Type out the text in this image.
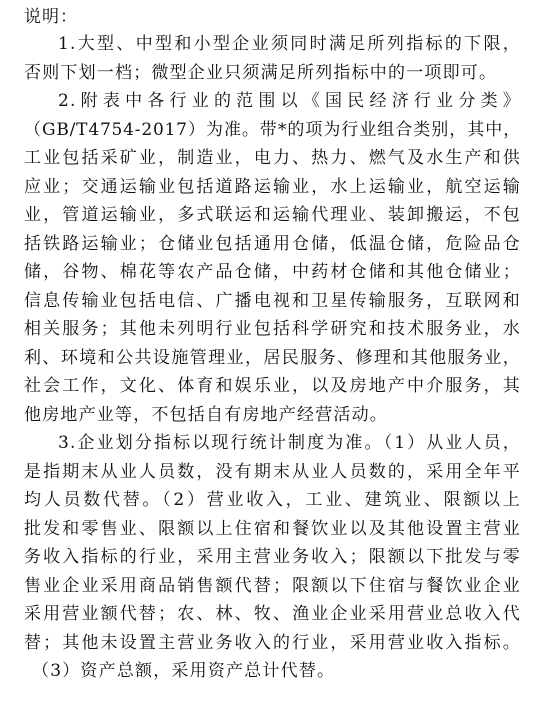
说明：

1.大型、中型和小型企业须同时满足所列指标的下限，
否则下划一档；微型企业只须满足所列指标中的一项即可。

2.附表中各行业的范围以《国民经济行业分类》
（GB/T4754-2017）为准。带*的项为行业组合类别，其中，
工业包括采矿业，制造业，电力、热力、燃气及水生产和供
应业；交通运输业包括道路运输业，水上运输业，航空运输
业，管道运输业，多式联运和运输代理业、装卸搬运，不包
括铁路运输业；仓储业包括通用仓储，低温仓储，危险品仓
储，谷物、棉花等农产品仓储，中药材仓储和其他仓储业；
信息传输业包括电信、广播电视和卫星传输服务，互联网和
相关服务；其他未列明行业包括科学研究和技术服务业，水
利、环境和公共设施管理业，居民服务、修理和其他服务业，
社会工作，文化、体育和娱乐业，以及房地产中介服务，其
他房地产业等，不包括自有房地产经营活动。

3.企业划分指标以现行统计制度为准。（1）从业人员，
是指期末从业人员数，没有期末从业人员数的，采用全年平
均人员数代替。（2）营业收入，工业、建筑业、限额以上
批发和零售业、限额以上住宿和餐饮业以及其他设置主营业
务收入指标的行业，采用主营业务收入；限额以下批发与零
售业企业采用商品销售额代替；限额以下住宿与餐饮业企业
采用营业额代替；农、林、牧、渔业企业采用营业总收入代
替；其他未设置主营业务收入的行业，采用营业收入指标。
（3）资产总额，采用资产总计代替。
